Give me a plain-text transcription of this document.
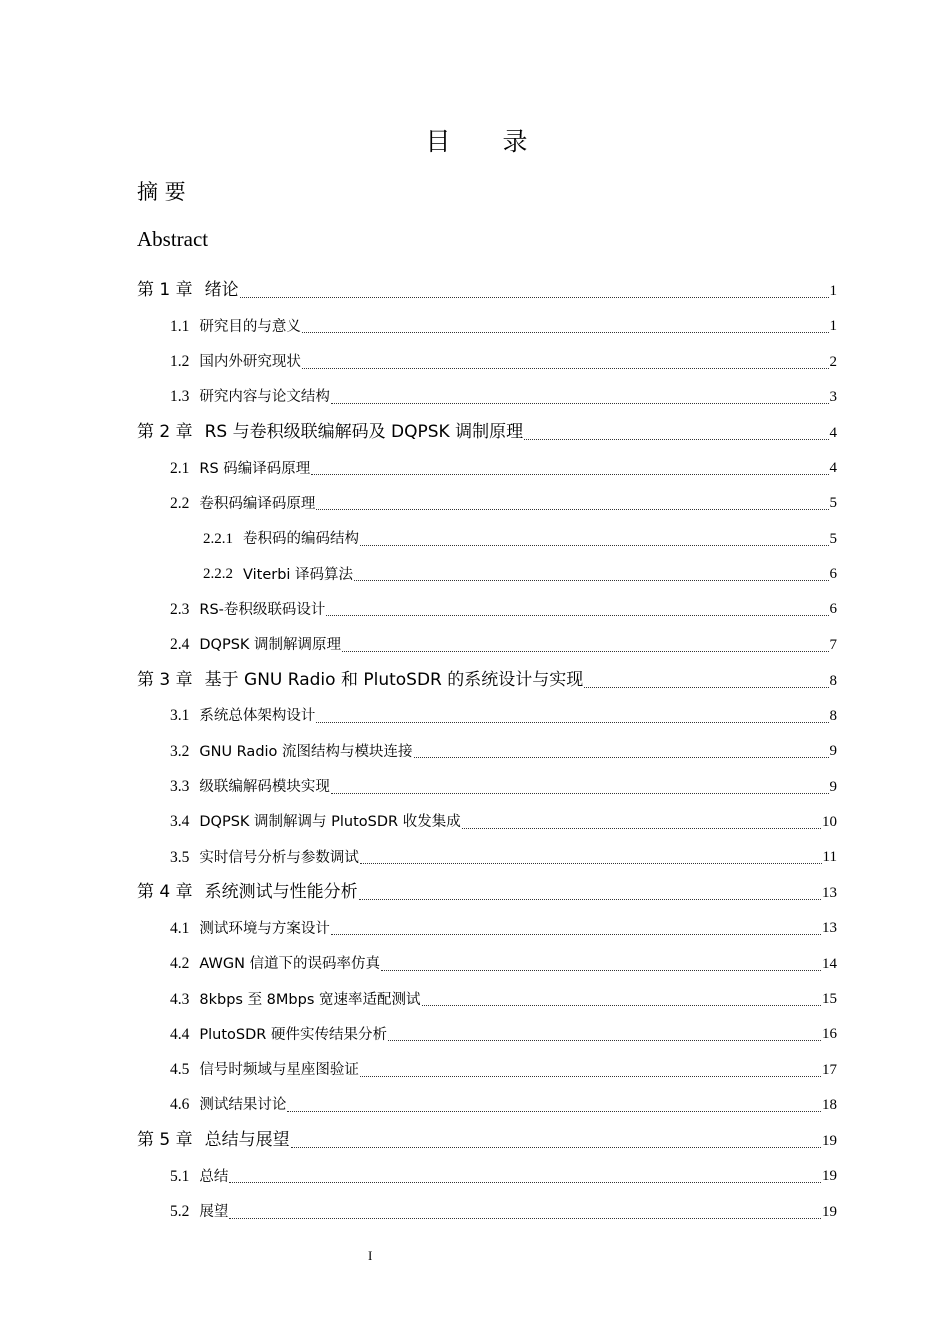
目 录
摘 要
Abstract
第 1 章 绪论	1
1.1 研究目的与意义	1
1.2 国内外研究现状	2
1.3 研究内容与论文结构	3
第 2 章 RS 与卷积级联编解码及 DQPSK 调制原理	4
2.1 RS 码编译码原理	4
2.2 卷积码编译码原理	5
2.2.1 卷积码的编码结构	5
2.2.2 Viterbi 译码算法	6
2.3 RS-卷积级联码设计	6
2.4 DQPSK 调制解调原理	7
第 3 章 基于 GNU Radio 和 PlutoSDR 的系统设计与实现	8
3.1 系统总体架构设计	8
3.2 GNU Radio 流图结构与模块连接	9
3.3 级联编解码模块实现	9
3.4 DQPSK 调制解调与 PlutoSDR 收发集成	10
3.5 实时信号分析与参数调试	11
第 4 章 系统测试与性能分析	13
4.1 测试环境与方案设计	13
4.2 AWGN 信道下的误码率仿真	14
4.3 8kbps 至 8Mbps 宽速率适配测试	15
4.4 PlutoSDR 硬件实传结果分析	16
4.5 信号时频域与星座图验证	17
4.6 测试结果讨论	18
第 5 章 总结与展望	19
5.1 总结	19
5.2 展望	19
I
